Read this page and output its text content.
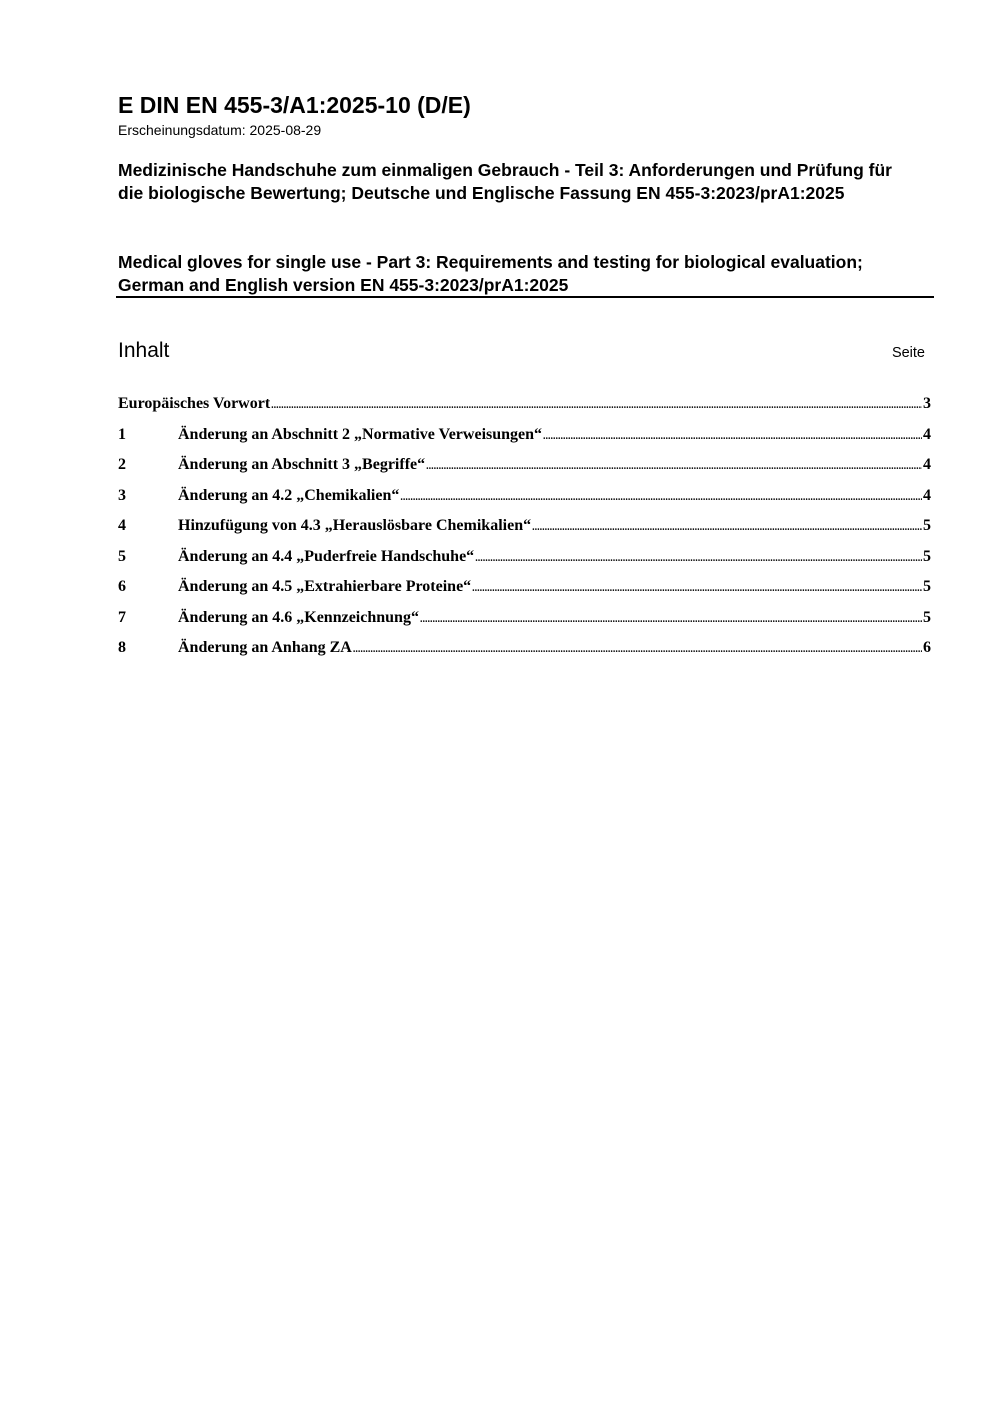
E DIN EN 455-3/A1:2025-10 (D/E)
Erscheinungsdatum: 2025-08-29
Medizinische Handschuhe zum einmaligen Gebrauch - Teil 3: Anforderungen und Prüfung für die biologische Bewertung; Deutsche und Englische Fassung EN 455-3:2023/prA1:2025
Medical gloves for single use - Part 3: Requirements and testing for biological evaluation; German and English version EN 455-3:2023/prA1:2025
Inhalt	Seite
Europäisches Vorwort .....	3
1	Änderung an Abschnitt 2 „Normative Verweisungen“ .....	4
2	Änderung an Abschnitt 3 „Begriffe“ .....	4
3	Änderung an 4.2 „Chemikalien“ .....	4
4	Hinzufügung von 4.3 „Herauslösbare Chemikalien“ .....	5
5	Änderung an 4.4 „Puderfreie Handschuhe“ .....	5
6	Änderung an 4.5 „Extrahierbare Proteine“ .....	5
7	Änderung an 4.6 „Kennzeichnung“ .....	5
8	Änderung an Anhang ZA .....	6
